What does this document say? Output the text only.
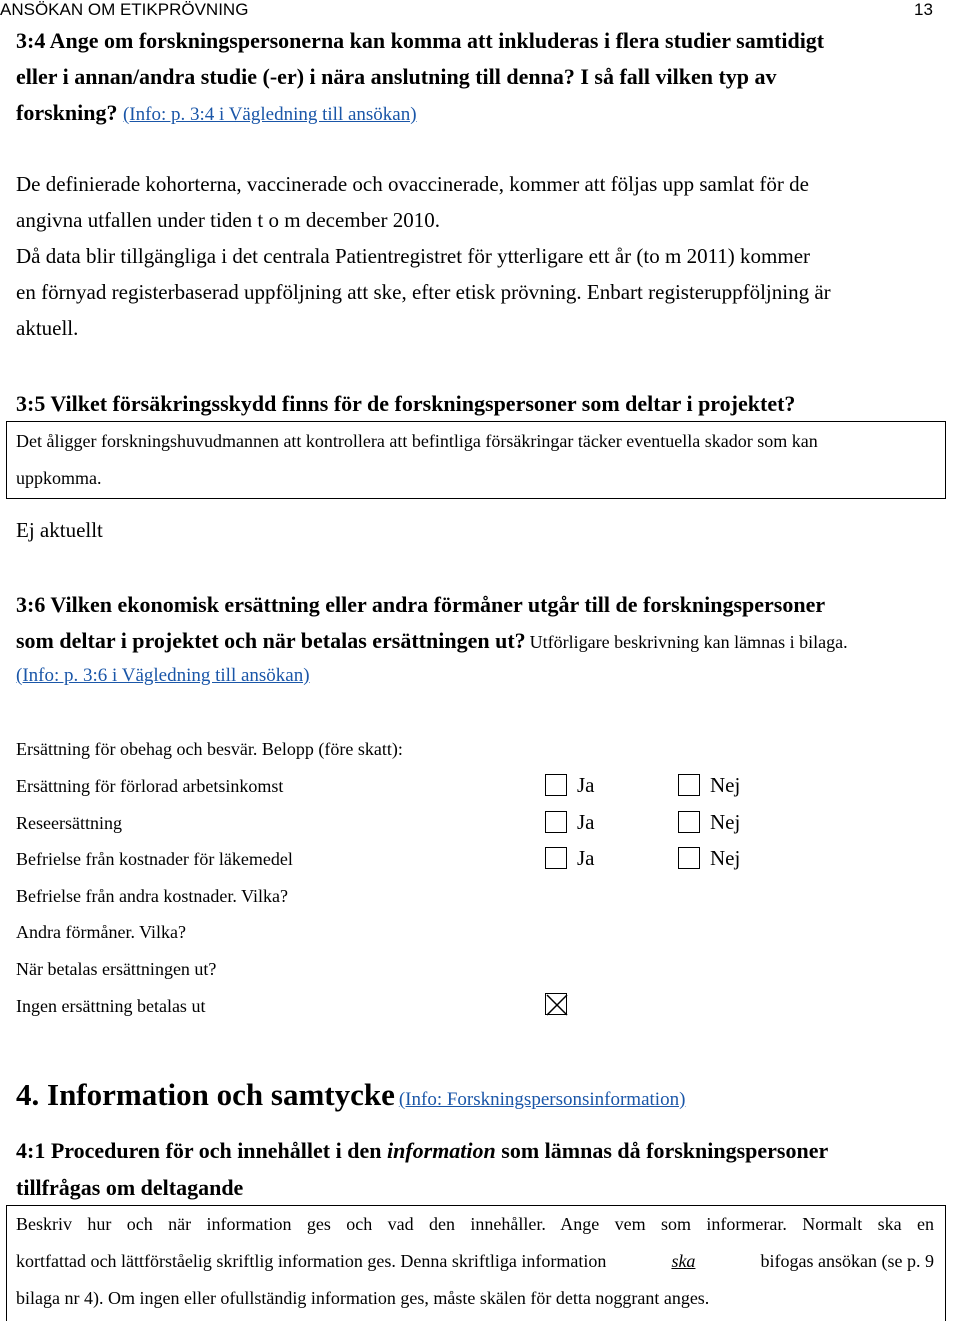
ANSÖKAN OM ETIKPRÖVNING	13
3:4 Ange om forskningspersonerna kan komma att inkluderas i flera studier samtidigt
eller i annan/andra studie (-er) i nära anslutning till denna? I så fall vilken typ av
forskning? (Info: p. 3:4 i Vägledning till ansökan)
De definierade kohorterna, vaccinerade och ovaccinerade, kommer att följas upp samlat för de
angivna utfallen under tiden t o m december 2010.
Då data blir tillgängliga i det centrala Patientregistret för ytterligare ett år (to m 2011) kommer
en förnyad registerbaserad uppföljning att ske, efter etisk prövning. Enbart registeruppföljning är
aktuell.
3:5 Vilket försäkringsskydd finns för de forskningspersoner som deltar i projektet?
Det åligger forskningshuvudmannen att kontrollera att befintliga försäkringar täcker eventuella skador som kan
uppkomma.
Ej aktuellt
3:6 Vilken ekonomisk ersättning eller andra förmåner utgår till de forskningspersoner
som deltar i projektet och när betalas ersättningen ut? Utförligare beskrivning kan lämnas i bilaga.
(Info: p. 3:6 i Vägledning till ansökan)
Ersättning för obehag och besvär. Belopp (före skatt):
Ersättning för förlorad arbetsinkomst	Ja	Nej
Reseersättning	Ja	Nej
Befrielse från kostnader för läkemedel	Ja	Nej
Befrielse från andra kostnader. Vilka?
Andra förmåner. Vilka?
När betalas ersättningen ut?
Ingen ersättning betalas ut
4. Information och samtycke (Info: Forskningspersonsinformation)
4:1 Proceduren för och innehållet i den information som lämnas då forskningspersoner
tillfrågas om deltagande
Beskriv hur och när information ges och vad den innehåller. Ange vem som informerar. Normalt ska en
kortfattad och lättförståelig skriftlig information ges. Denna skriftliga information	ska	bifogas ansökan (se p. 9
bilaga nr 4). Om ingen eller ofullständig information ges, måste skälen för detta noggrant anges.
